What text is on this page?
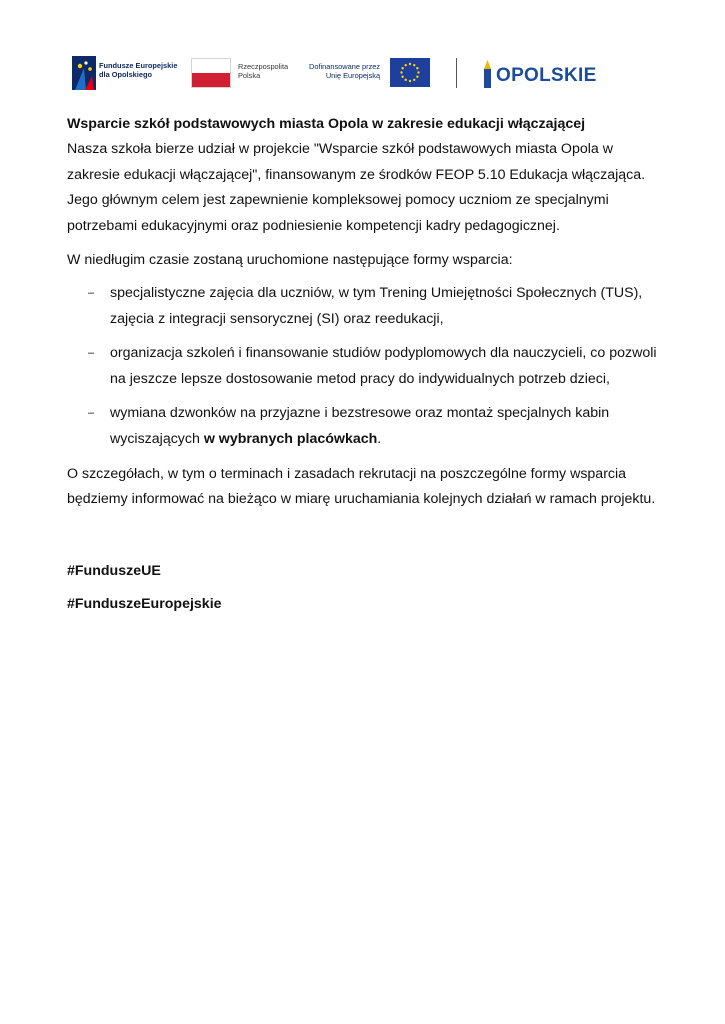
Fundusze Europejskie
dla Opolskiego
Rzeczpospolita
Polska
Dofinansowane przez
Unię Europejską	OPOLSKIE

Wsparcie szkół podstawowych miasta Opola w zakresie edukacji włączającej

Nasza szkoła bierze udział w projekcie "Wsparcie szkół podstawowych miasta Opola w zakresie edukacji włączającej", finansowanym ze środków FEOP 5.10 Edukacja włączająca. Jego głównym celem jest zapewnienie kompleksowej pomocy uczniom ze specjalnymi potrzebami edukacyjnymi oraz podniesienie kompetencji kadry pedagogicznej.

W niedługim czasie zostaną uruchomione następujące formy wsparcia:

– specjalistyczne zajęcia dla uczniów, w tym Trening Umiejętności Społecznych (TUS), zajęcia z integracji sensorycznej (SI) oraz reedukacji,
– organizacja szkoleń i finansowanie studiów podyplomowych dla nauczycieli, co pozwoli na jeszcze lepsze dostosowanie metod pracy do indywidualnych potrzeb dzieci,
– wymiana dzwonków na przyjazne i bezstresowe oraz montaż specjalnych kabin wyciszających w wybranych placówkach.

O szczegółach, w tym o terminach i zasadach rekrutacji na poszczególne formy wsparcia będziemy informować na bieżąco w miarę uruchamiania kolejnych działań w ramach projektu.

#FunduszeUE

#FunduszeEuropejskie
